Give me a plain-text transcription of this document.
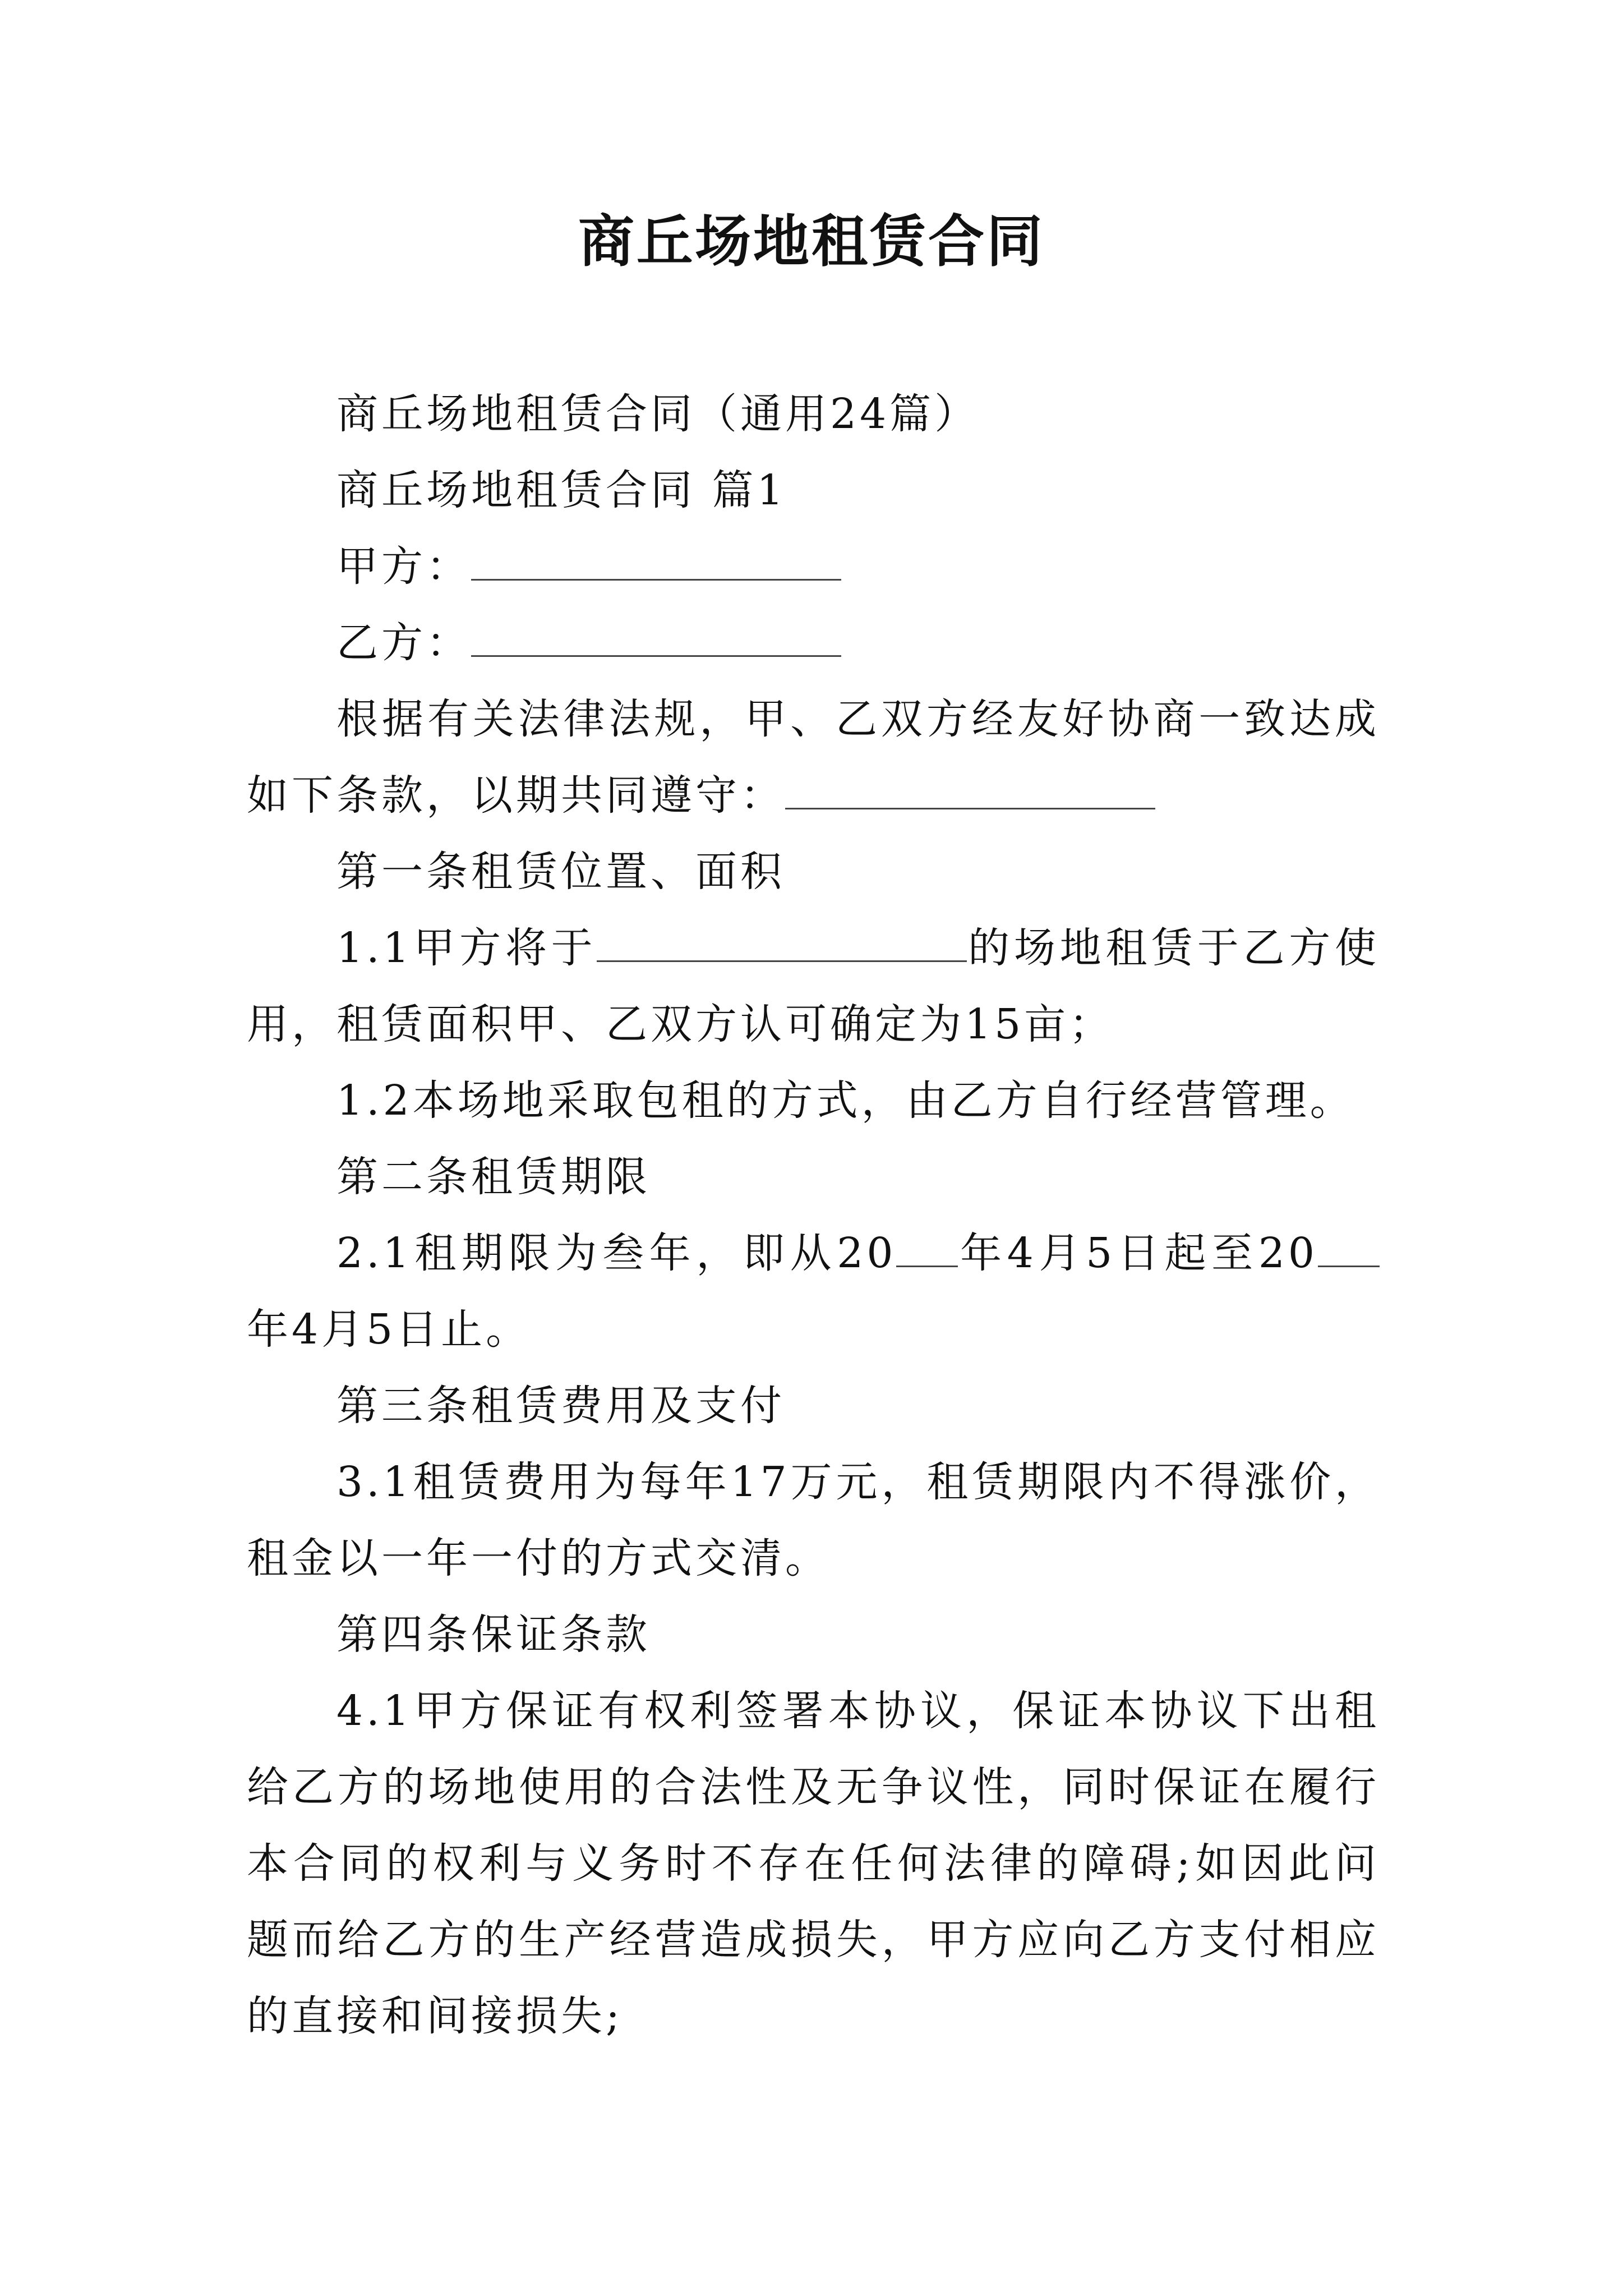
商丘场地租赁合同

商丘场地租赁合同（通用24篇）

商丘场地租赁合同 篇1

甲方：

乙方：

根据有关法律法规，甲、乙双方经友好协商一致达成如下条款，以期共同遵守：

第一条租赁位置、面积

1.1甲方将于	的场地租赁于乙方使用，租赁面积甲、乙双方认可确定为15亩；

1.2本场地采取包租的方式，由乙方自行经营管理。

第二条租赁期限

2.1租期限为叁年，即从20 年4月5日起至20年4月5日止。

第三条租赁费用及支付

3.1租赁费用为每年17万元，租赁期限内不得涨价，租金以一年一付的方式交清。

第四条保证条款

4.1甲方保证有权利签署本协议，保证本协议下出租给乙方的场地使用的合法性及无争议性，同时保证在履行本合同的权利与义务时不存在任何法律的障碍;如因此问题而给乙方的生产经营造成损失，甲方应向乙方支付相应的直接和间接损失;
